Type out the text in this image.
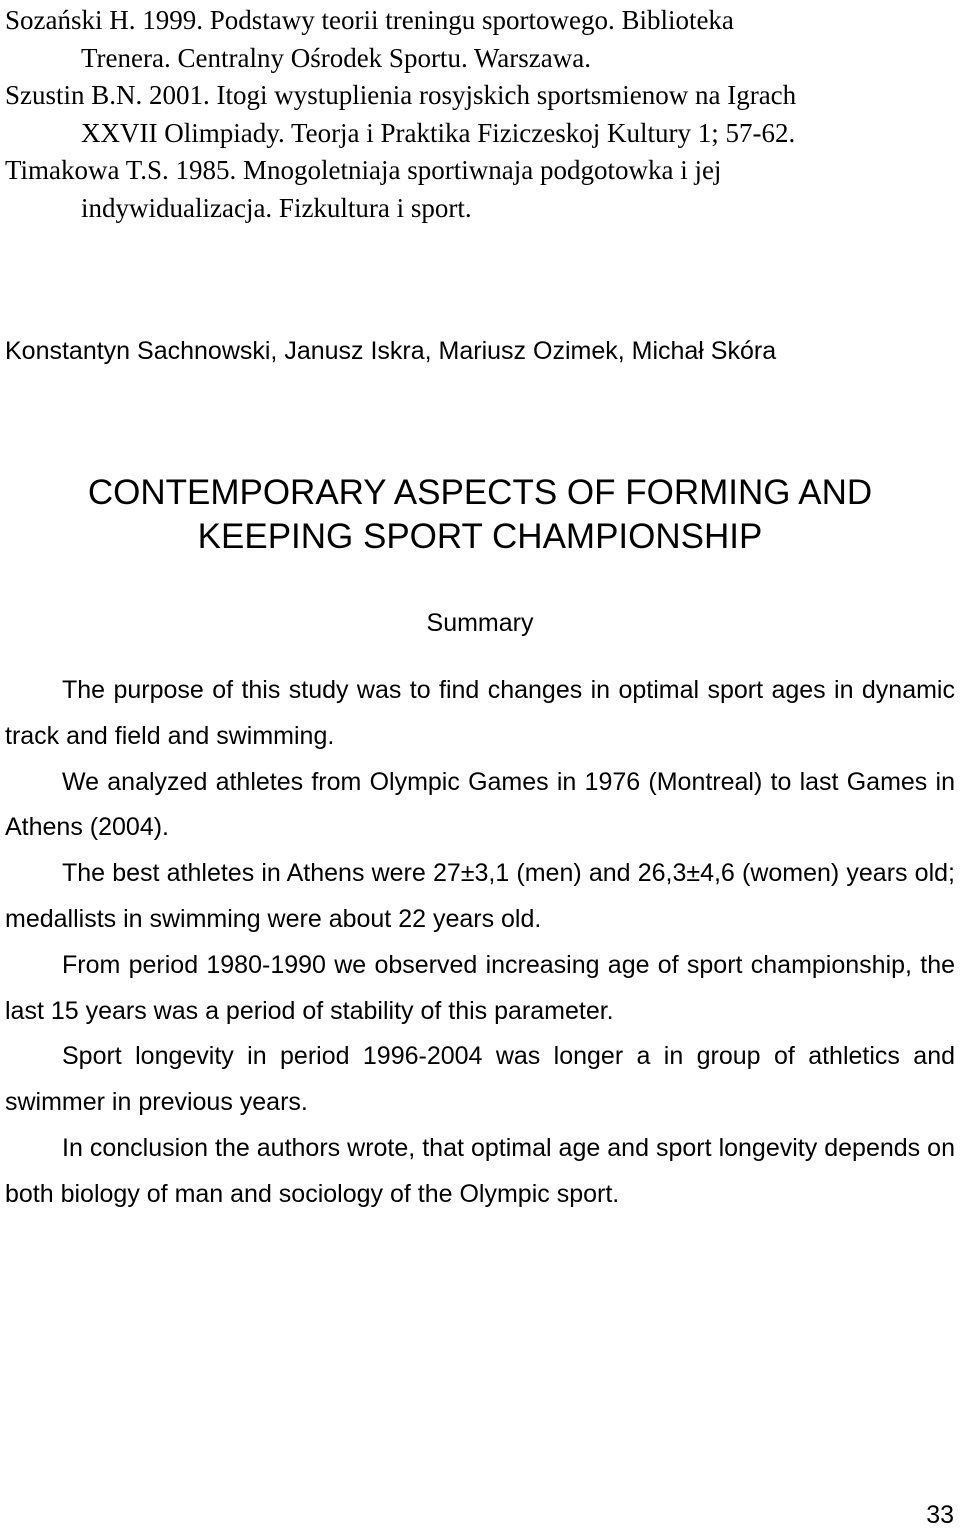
Sozański H. 1999. Podstawy teorii treningu sportowego. Biblioteka
Trenera. Centralny Ośrodek Sportu. Warszawa.
Szustin B.N. 2001. Itogi wystuplienia rosyjskich sportsmienow na Igrach
XXVII Olimpiady. Teorja i Praktika Fiziczeskoj Kultury 1; 57-62.
Timakowa T.S. 1985. Mnogoletniaja sportiwnaja podgotowka i jej
indywidualizacja. Fizkultura i sport.
Konstantyn Sachnowski, Janusz Iskra, Mariusz Ozimek, Michał Skóra
CONTEMPORARY ASPECTS OF FORMING AND
KEEPING SPORT CHAMPIONSHIP
Summary

The purpose of this study was to find changes in optimal sport ages in dynamic track and field and swimming.

We analyzed athletes from Olympic Games in 1976 (Montreal) to last Games in Athens (2004).

The best athletes in Athens were 27±3,1 (men) and 26,3±4,6 (women) years old; medallists in swimming were about 22 years old.

From period 1980-1990 we observed increasing age of sport championship, the last 15 years was a period of stability of this parameter.

Sport longevity in period 1996-2004 was longer a in group of athletics and swimmer in previous years.

In conclusion the authors wrote, that optimal age and sport longevity depends on both biology of man and sociology of the Olympic sport.

33
